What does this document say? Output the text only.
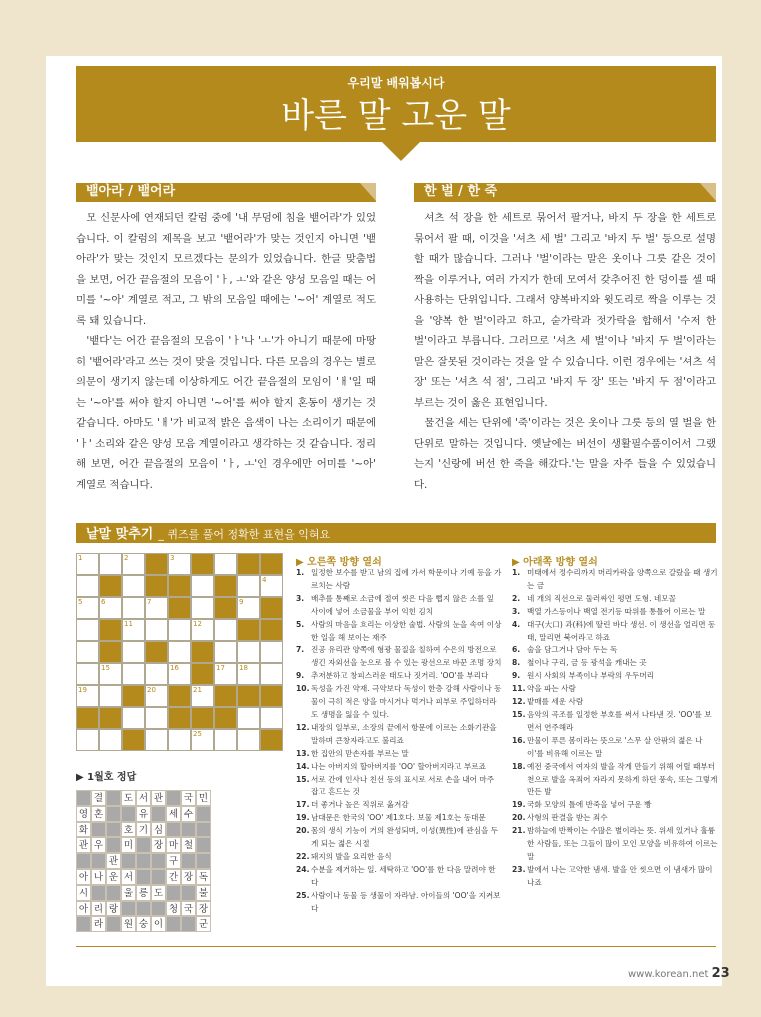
우리말 배워봅시다
바른 말 고운 말
뱉아라 / 뱉어라

모 신문사에 연재되던 칼럼 중에 '내 무덤에 침을 뱉어라'가 있었습니다. 이 칼럼의 제목을 보고 '뱉어라'가 맞는 것인지 아니면 '뱉아라'가 맞는 것인지 모르겠다는 문의가 있었습니다. 한글 맞춤법을 보면, 어간 끝음절의 모음이 'ㅏ, ㅗ'와 같은 양성 모음일 때는 어미를 '~아' 계열로 적고, 그 밖의 모음일 때에는 '~어' 계열로 적도록 돼 있습니다.

'뱉다'는 어간 끝음절의 모음이 'ㅏ'나 'ㅗ'가 아니기 때문에 마땅히 '뱉어라'라고 쓰는 것이 맞을 것입니다. 다른 모음의 경우는 별로 의문이 생기지 않는데 이상하게도 어간 끝음절의 모임이 'ㅐ'일 때는 '~아'를 써야 할지 아니면 '~어'를 써야 할지 혼동이 생기는 것 같습니다. 아마도 'ㅐ'가 비교적 밝은 음색이 나는 소리이기 때문에 'ㅏ' 소리와 같은 양성 모음 계열이라고 생각하는 것 같습니다. 정리해 보면, 어간 끝음절의 모음이 'ㅏ, ㅗ'인 경우에만 어미를 '~아' 계열로 적습니다.

한 벌 / 한 죽

셔츠 석 장을 한 세트로 묶어서 팔거나, 바지 두 장을 한 세트로 묶어서 팔 때, 이것을 '셔츠 세 벌' 그리고 '바지 두 벌' 등으로 설명할 때가 많습니다. 그러나 '벌'이라는 말은 옷이나 그릇 같은 것이 짝을 이루거나, 여러 가지가 한데 모여서 갖추어진 한 덩이를 셀 때 사용하는 단위입니다. 그래서 양복바지와 윗도리로 짝을 이루는 것을 '양복 한 벌'이라고 하고, 숟가락과 젓가락을 합해서 '수저 한 벌'이라고 부릅니다. 그러므로 '셔츠 세 벌'이나 '바지 두 벌'이라는 말은 잘못된 것이라는 것을 알 수 있습니다. 이런 경우에는 '셔츠 석 장' 또는 '셔츠 석 점', 그리고 '바지 두 장' 또는 '바지 두 점'이라고 부르는 것이 옳은 표현입니다.

물건을 세는 단위에 '죽'이라는 것은 옷이나 그릇 등의 열 벌을 한 단위로 말하는 것입니다. 옛날에는 버선이 생활필수품이어서 그랬는지 '신랑에 버선 한 죽을 해갔다.'는 말을 자주 들을 수 있었습니다.

낱말 맞추기 _ 퀴즈를 풀어 정확한 표현을 익혀요
1	2	3
4
5	6	7	8	9
10 11	12
13	14
15	16	17 18
19	20	21	22 23
24	25
▶ 1월호 정답
결	도 서 관	국 민
영 혼	유	세 수
화	호 기 심
관 우	미	장 마 철
관	구
아 나 운 서	간 장 독
시	울 릉 도	불
아 리 랑	청 국 장
라	원 숭 이	군
▶ 오른쪽 방향 열쇠
1. 일정한 보수를 받고 남의 집에 가서 학문이나 기예 등을 가르치는 사람
3. 배추를 통째로 소금에 절여 씻은 다음 뻡지 않은 소를 잎 사이에 넣어 소금물을 부어 익힌 김치
5. 사람의 마음을 흐리는 이상한 술법. 사람의 눈을 속여 이상한 일을 해 보이는 재주
7. 진공 유리관 양쪽에 형광 물질을 칠하여 수은의 방전으로 생긴 자외선을 눈으로 볼 수 있는 광선으로 바꾼 조명 장치
9. 추저분하고 창피스러운 태도나 짓거리. 'OO'를 부리다
10. 독성을 가진 약재. 극약보다 독성이 한층 강해 사람이나 동물이 극히 적은 양을 마시거나 먹거나 피부로 주입하더라도 생명을 잃을 수 있다.
12. 내장의 일부로, 소장의 끝에서 항문에 이르는 소화기관을 말하며 큰창자라고도 불리죠
13. 한 집안의 맏손자를 부르는 말
14. 나는 아버지의 할아버지를 'OO' 할아버지라고 부르죠
15. 서로 간에 인사나 친선 등의 표시로 서로 손을 내어 마주 잡고 흔드는 것
17. 더 좋거나 높은 직위로 옮겨감
19. 남대문은 한국의 'OO' 제1호다. 보물 제1호는 동대문
20. 몸의 생식 기능이 거의 완성되며, 이성(異性)에 관심을 두게 되는 젊은 시절
22. 돼지의 발을 요리한 음식
24. 수분을 제거하는 일. 세탁하고 'OO'를 한 다음 말려야 한다
25. 사람이나 동물 등 생물이 자라남. 아이들의 'OO'을 지켜보다
▶ 아래쪽 방향 열쇠
1. 미태에서 정수리까지 머리카락을 양쪽으로 갈랐을 때 생기는 금
2. 네 개의 직선으로 둘러싸인 평면 도형. 네모꼴
3. 백열 가스등이나 백열 전기등 따위를 통틀어 이르는 말
4. 대구(大口) 과(科)에 딸린 바다 생선. 이 생선을 얼리면 동태, 말리면 북어라고 하죠
6. 술을 담그거나 담아 두는 독
8. 철이나 구리, 금 등 광석을 캐내는 곳
9. 원시 사회의 부족이나 부락의 우두머리
11. 약을 파는 사람
12. 밭매를 세운 사람
15. 음악의 곡조를 일정한 부호를 써서 나타낸 것. 'OO'를 보면서 연주해라
16. 만물이 푸른 봄이라는 뜻으로 '스무 살 안팎의 젊은 나이'를 비유해 이르는 말
18. 예전 중국에서 여자의 발을 작게 만들기 위해 어릴 때부터 천으로 발을 옥죄어 자라지 못하게 하던 풍속, 또는 그렇게 만든 발
19. 국화 모양의 틀에 반죽을 넣어 구운 빵
20. 사형의 판결을 받는 죄수
21. 밤하늘에 반짝이는 수많은 별이라는 뜻. 위세 있거나 훌륭한 사람들, 또는 그들이 많이 모인 모양을 비유하여 이르는 말
23. 발에서 나는 고약한 냄새. 발을 안 씻으면 이 냄새가 많이 나죠
www.korean.net 23
